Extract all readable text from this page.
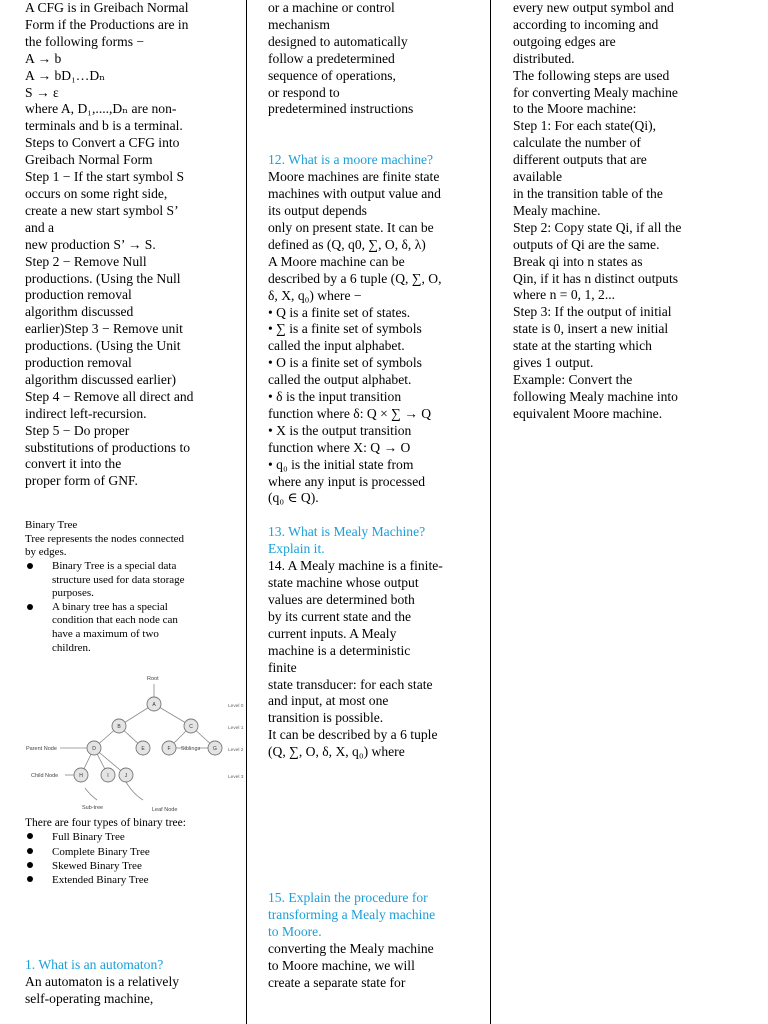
A CFG is in Greibach Normal
Form if the Productions are in
the following forms −
A → b
A → bD₁…Dₙ
S → ε
where A, D₁,....,Dₙ are non-
terminals and b is a terminal.
Steps to Convert a CFG into
Greibach Normal Form
Step 1 − If the start symbol S
occurs on some right side,
create a new start symbol S’
and a
new production S’ → S.
Step 2 − Remove Null
productions. (Using the Null
production removal
algorithm discussed
earlier)Step 3 − Remove unit
productions. (Using the Unit
production removal
algorithm discussed earlier)
Step 4 − Remove all direct and
indirect left-recursion.
Step 5 − Do proper
substitutions of productions to
convert it into the
proper form of GNF.
Binary Tree
Tree represents the nodes connected
by edges.
Binary Tree is a special data
structure used for data storage
purposes.
A binary tree has a special
condition that each node can
have a maximum of two
children.
A
B	C
D	E	F	G
H	I	J
Root
Parent Node
Child Node
Siblings
Sub-tree	Leaf Node
Level 0
Level 1
Level 2
Level 3
There are four types of binary tree:
Full Binary Tree
Complete Binary Tree
Skewed Binary Tree
Extended Binary Tree
1. What is an automaton?
An automaton is a relatively
self-operating machine,
or a machine or control
mechanism
designed to automatically
follow a predetermined
sequence of operations,
or respond to
predetermined instructions
12. What is a moore machine?
Moore machines are finite state
machines with output value and
its output depends
only on present state. It can be
defined as (Q, q0, ∑, O, δ, λ)
A Moore machine can be
described by a 6 tuple (Q, ∑, O,
δ, X, q₀) where −
• Q is a finite set of states.
• ∑ is a finite set of symbols
called the input alphabet.
• O is a finite set of symbols
called the output alphabet.
• δ is the input transition
function where δ: Q × ∑ → Q
• X is the output transition
function where X: Q → O
• q₀ is the initial state from
where any input is processed
(q₀ ∈ Q).
13. What is Mealy Machine?
Explain it.
14. A Mealy machine is a finite-
state machine whose output
values are determined both
by its current state and the
current inputs. A Mealy
machine is a deterministic
finite
state transducer: for each state
and input, at most one
transition is possible.
It can be described by a 6 tuple
(Q, ∑, O, δ, X, q₀) where
15. Explain the procedure for
transforming a Mealy machine
to Moore.
converting the Mealy machine
to Moore machine, we will
create a separate state for
every new output symbol and
according to incoming and
outgoing edges are
distributed.
The following steps are used
for converting Mealy machine
to the Moore machine:
Step 1: For each state(Qi),
calculate the number of
different outputs that are
available
in the transition table of the
Mealy machine.
Step 2: Copy state Qi, if all the
outputs of Qi are the same.
Break qi into n states as
Qin, if it has n distinct outputs
where n = 0, 1, 2...
Step 3: If the output of initial
state is 0, insert a new initial
state at the starting which
gives 1 output.
Example: Convert the
following Mealy machine into
equivalent Moore machine.
